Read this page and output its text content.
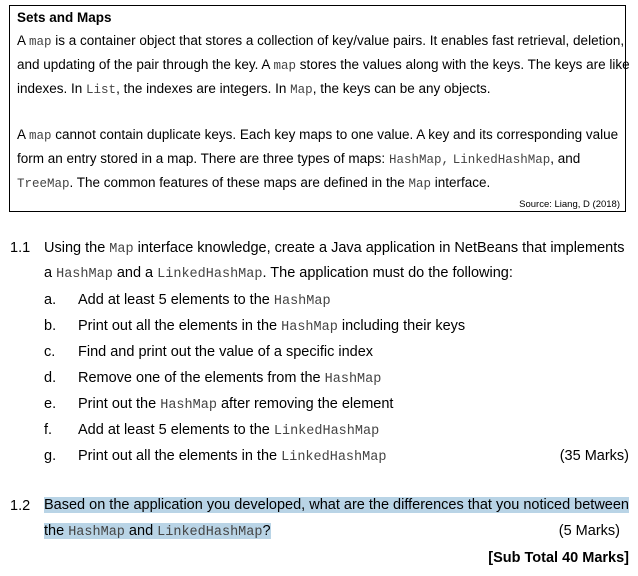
Sets and Maps
A map is a container object that stores a collection of key/value pairs. It enables fast retrieval, deletion,
and updating of the pair through the key. A map stores the values along with the keys. The keys are like
indexes. In List, the indexes are integers. In Map, the keys can be any objects.
A map cannot contain duplicate keys. Each key maps to one value. A key and its corresponding value
form an entry stored in a map. There are three types of maps: HashMap, LinkedHashMap, and
TreeMap. The common features of these maps are defined in the Map interface.
Source: Liang, D (2018)
1.1 Using the Map interface knowledge, create a Java application in NetBeans that implements
a HashMap and a LinkedHashMap. The application must do the following:
a. Add at least 5 elements to the HashMap
b. Print out all the elements in the HashMap including their keys
c. Find and print out the value of a specific index
d. Remove one of the elements from the HashMap
e. Print out the HashMap after removing the element
f. Add at least 5 elements to the LinkedHashMap
g. Print out all the elements in the LinkedHashMap	(35 Marks)
1.2 Based on the application you developed, what are the differences that you noticed between
the HashMap and LinkedHashMap?	(5 Marks)
[Sub Total 40 Marks]
